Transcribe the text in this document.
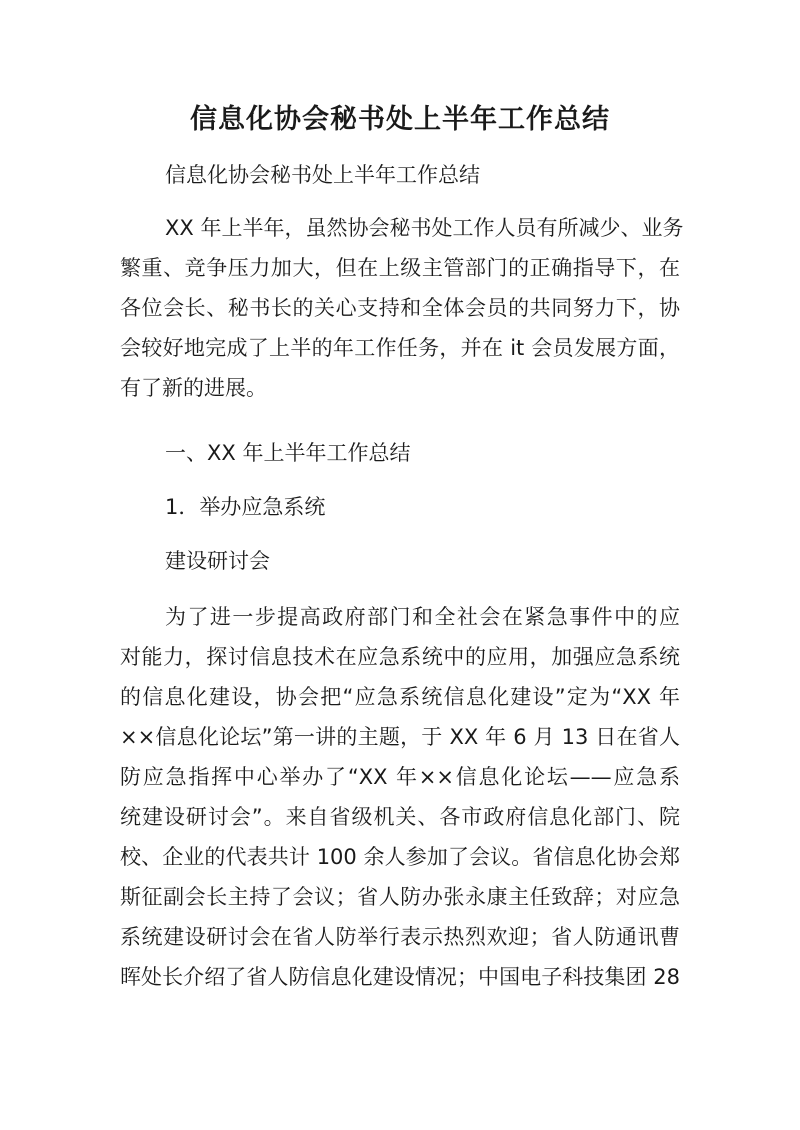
信息化协会秘书处上半年工作总结

信息化协会秘书处上半年工作总结

XX 年上半年，虽然协会秘书处工作人员有所减少、业务

繁重、竞争压力加大，但在上级主管部门的正确指导下，在

各位会长、秘书长的关心支持和全体会员的共同努力下，协

会较好地完成了上半的年工作任务，并在 it 会员发展方面，

有了新的进展。

一、XX 年上半年工作总结

1．举办应急系统

建设研讨会

为了进一步提高政府部门和全社会在紧急事件中的应

对能力，探讨信息技术在应急系统中的应用，加强应急系统

的信息化建设，协会把“应急系统信息化建设”定为“XX 年

××信息化论坛”第一讲的主题，于 XX 年 6 月 13 日在省人

防应急指挥中心举办了“XX 年××信息化论坛——应急系

统建设研讨会”。来自省级机关、各市政府信息化部门、院

校、企业的代表共计 100 余人参加了会议。省信息化协会郑

斯征副会长主持了会议；省人防办张永康主任致辞；对应急

系统建设研讨会在省人防举行表示热烈欢迎；省人防通讯曹

晖处长介绍了省人防信息化建设情况；中国电子科技集团 28
